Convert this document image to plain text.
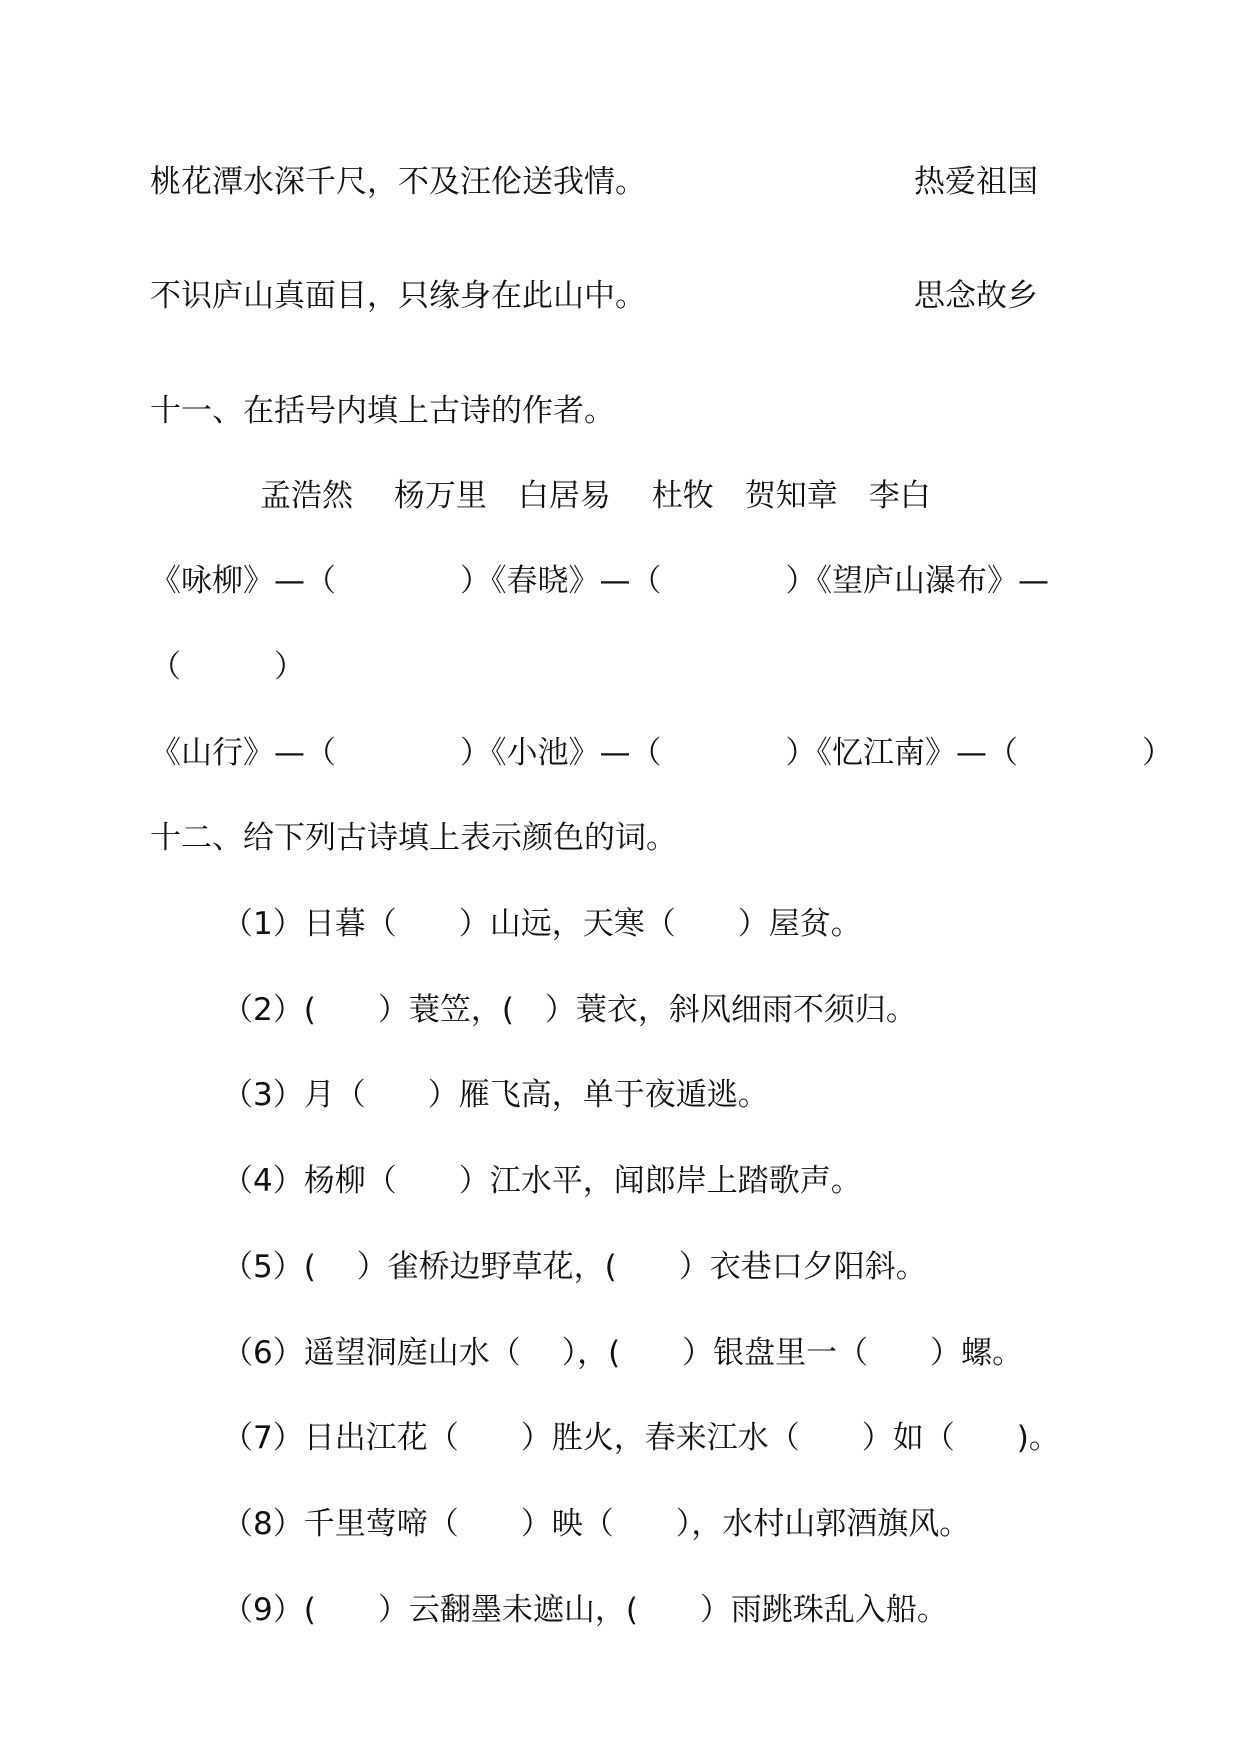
桃花潭水深千尺，不及汪伦送我情。	热爱祖国
不识庐山真面目，只缘身在此山中。	思念故乡
十一、在括号内填上古诗的作者。
孟浩然　 杨万里　白居易　 杜牧　贺知章　李白
《咏柳》—（　　　　）《春晓》—（　　　　）《望庐山瀑布》—
（　　　）
《山行》—（　　　　）《小池》—（　　　　）《忆江南》—（　　　　）
十二、给下列古诗填上表示颜色的词。
（1）日暮（　　）山远，天寒（　　）屋贫。
（2）(　　）蓑笠，(　）蓑衣，斜风细雨不须归。
（3）月（　　）雁飞高，单于夜遁逃。
（4）杨柳（　　）江水平，闻郎岸上踏歌声。
（5）(　 ）雀桥边野草花，(　　）衣巷口夕阳斜。
（6）遥望洞庭山水（　 ），(　　）银盘里一（　　）螺。
（7）日出江花（　　）胜火，春来江水（　　）如（　　)。
（8）千里莺啼（　　）映（　　），水村山郭酒旗风。
（9）(　　）云翻墨未遮山，(　　）雨跳珠乱入船。
